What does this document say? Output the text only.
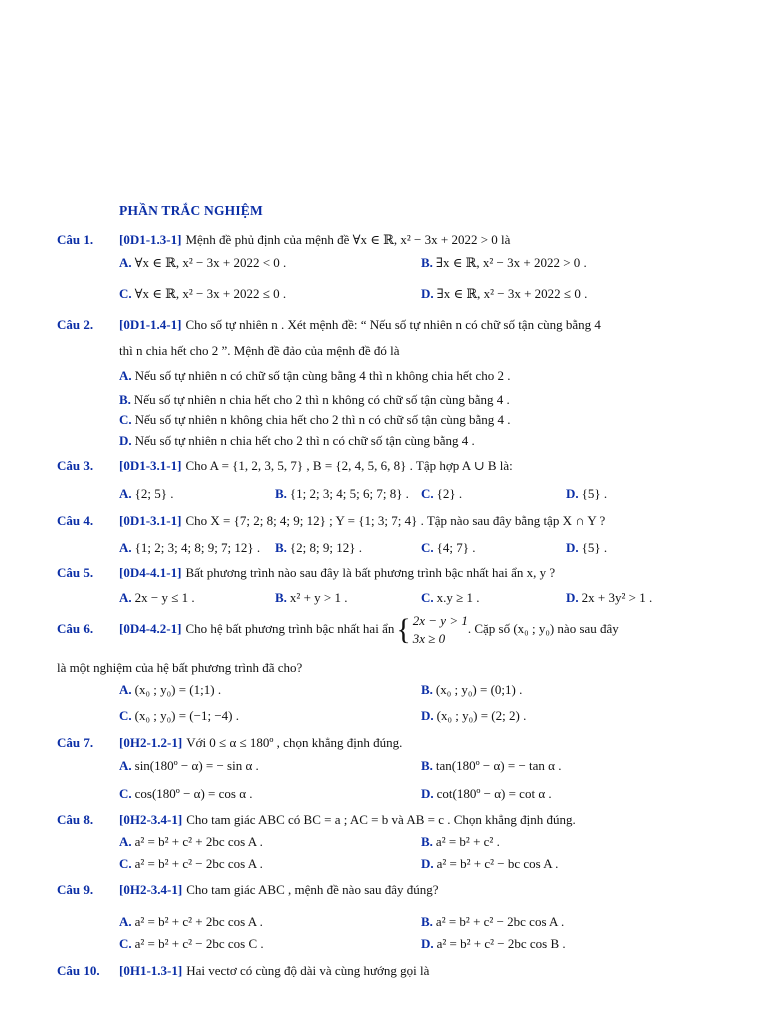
PHẦN TRẮC NGHIỆM
Câu 1. [0D1-1.3-1] Mệnh đề phủ định của mệnh đề ∀x ∈ ℝ, x² − 3x + 2022 > 0 là
A. ∀x ∈ ℝ, x² − 3x + 2022 < 0 .	B. ∃x ∈ ℝ, x² − 3x + 2022 > 0 .
C. ∀x ∈ ℝ, x² − 3x + 2022 ≤ 0 .	D. ∃x ∈ ℝ, x² − 3x + 2022 ≤ 0 .
Câu 2. [0D1-1.4-1] Cho số tự nhiên n . Xét mệnh đề: “ Nếu số tự nhiên n có chữ số tận cùng bằng 4
thì n chia hết cho 2 ”. Mệnh đề đảo của mệnh đề đó là
A. Nếu số tự nhiên n có chữ số tận cùng bằng 4 thì n không chia hết cho 2 .
B. Nếu số tự nhiên n chia hết cho 2 thì n không có chữ số tận cùng bằng 4 .
C. Nếu số tự nhiên n không chia hết cho 2 thì n có chữ số tận cùng bằng 4 .
D. Nếu số tự nhiên n chia hết cho 2 thì n có chữ số tận cùng bằng 4 .
Câu 3. [0D1-3.1-1] Cho A = {1, 2, 3, 5, 7} , B = {2, 4, 5, 6, 8} . Tập hợp A ∪ B là:
A. {2; 5} .	B. {1; 2; 3; 4; 5; 6; 7; 8} . C. {2} .	D. {5} .
Câu 4. [0D1-3.1-1] Cho X = {7; 2; 8; 4; 9; 12} ; Y = {1; 3; 7; 4} . Tập nào sau đây bằng tập X ∩ Y ?
A. {1; 2; 3; 4; 8; 9; 7; 12} . B. {2; 8; 9; 12} .	C. {4; 7} .	D. {5} .
Câu 5. [0D4-4.1-1] Bất phương trình nào sau đây là bất phương trình bậc nhất hai ẩn x, y ?
A. 2x − y ≤ 1 .	B. x² + y > 1 .	C. x.y ≥ 1 .	D. 2x + 3y² > 1 .
Câu 6. [0D4-4.2-1] Cho hệ bất phương trình bậc nhất hai ẩn{ 2x − y > 1
3x ≥ 0. Cặp số (x₀ ; y₀) nào sau đây
là một nghiệm của hệ bất phương trình đã cho?
A. (x₀ ; y₀) = (1;1) .	B. (x₀ ; y₀) = (0;1) .
C. (x₀ ; y₀) = (−1; −4) .	D. (x₀ ; y₀) = (2; 2) .
Câu 7. [0H2-1.2-1] Với 0 ≤ α ≤ 180º , chọn khẳng định đúng.
A. sin(180º − α) = − sin α .	B. tan(180º − α) = − tan α .
C. cos(180º − α) = cos α .	D. cot(180º − α) = cot α .
Câu 8. [0H2-3.4-1] Cho tam giác ABC có BC = a ; AC = b và AB = c . Chọn khẳng định đúng.
A. a² = b² + c² + 2bc cos A .	B. a² = b² + c² .
C. a² = b² + c² − 2bc cos A .	D. a² = b² + c² − bc cos A .
Câu 9. [0H2-3.4-1] Cho tam giác ABC , mệnh đề nào sau đây đúng?
A. a² = b² + c² + 2bc cos A .	B. a² = b² + c² − 2bc cos A .
C. a² = b² + c² − 2bc cos C .	D. a² = b² + c² − 2bc cos B .
Câu 10. [0H1-1.3-1] Hai vectơ có cùng độ dài và cùng hướng gọi là
